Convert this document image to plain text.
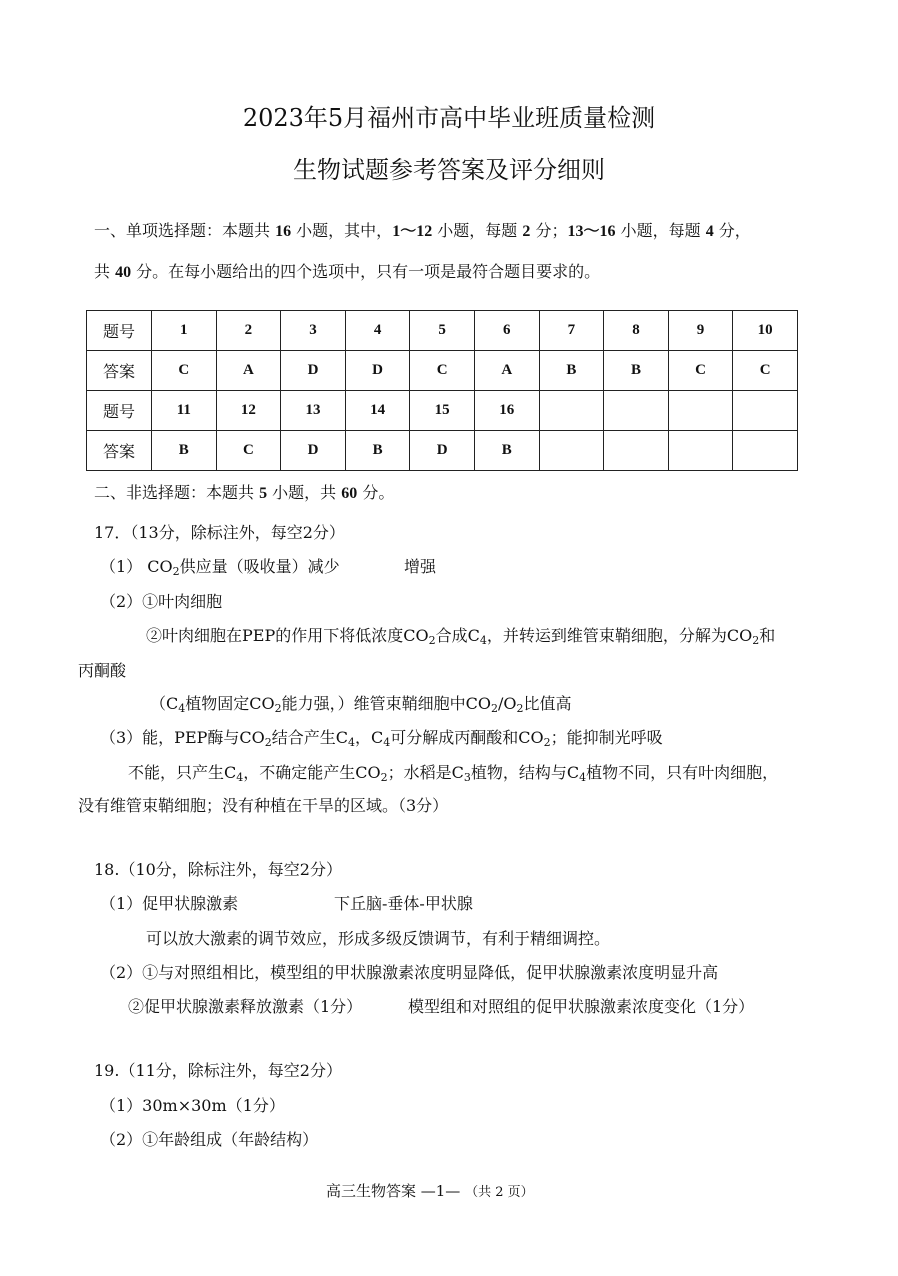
2023年5月福州市高中毕业班质量检测
生物试题参考答案及评分细则
一、单项选择题：本题共 16 小题，其中，1～12 小题，每题 2 分；13～16 小题，每题 4 分，
共 40 分。在每小题给出的四个选项中，只有一项是最符合题目要求的。
题号	1	2	3	4	5	6	7	8	9	10
答案	C	A	D	D	C	A	B	B	C	C
题号	11	12	13	14	15	16				
答案	B	C	D	B	D	B				
二、非选择题：本题共 5 小题，共 60 分。
17．（13分，除标注外，每空2分）
（1） $CO_2$供应量（吸收量）减少	增强
（2）①叶肉细胞
②叶肉细胞在PEP的作用下将低浓度$CO_2$合成$C_4$，并转运到维管束鞘细胞，分解为$CO_2$和
丙酮酸
（$C_4$植物固定$CO_2$能力强，）维管束鞘细胞中$CO_2/O_2$比值高
（3）能，PEP酶与$CO_2$结合产生$C_4$，$C_4$可分解成丙酮酸和$CO_2$；能抑制光呼吸
不能，只产生$C_4$，不确定能产生$CO_2$；水稻是$C_3$植物，结构与$C_4$植物不同，只有叶肉细胞，
没有维管束鞘细胞；没有种植在干旱的区域。（3分）
18.（10分，除标注外，每空2分）
（1）促甲状腺激素	下丘脑-垂体-甲状腺
可以放大激素的调节效应，形成多级反馈调节，有利于精细调控。
（2）①与对照组相比，模型组的甲状腺激素浓度明显降低，促甲状腺激素浓度明显升高
②促甲状腺激素释放激素（1分）	模型组和对照组的促甲状腺激素浓度变化（1分）
19.（11分，除标注外，每空2分）
（1）30m×30m（1分）
（2）①年龄组成（年龄结构）
高三生物答案 —1— （共 2 页）
